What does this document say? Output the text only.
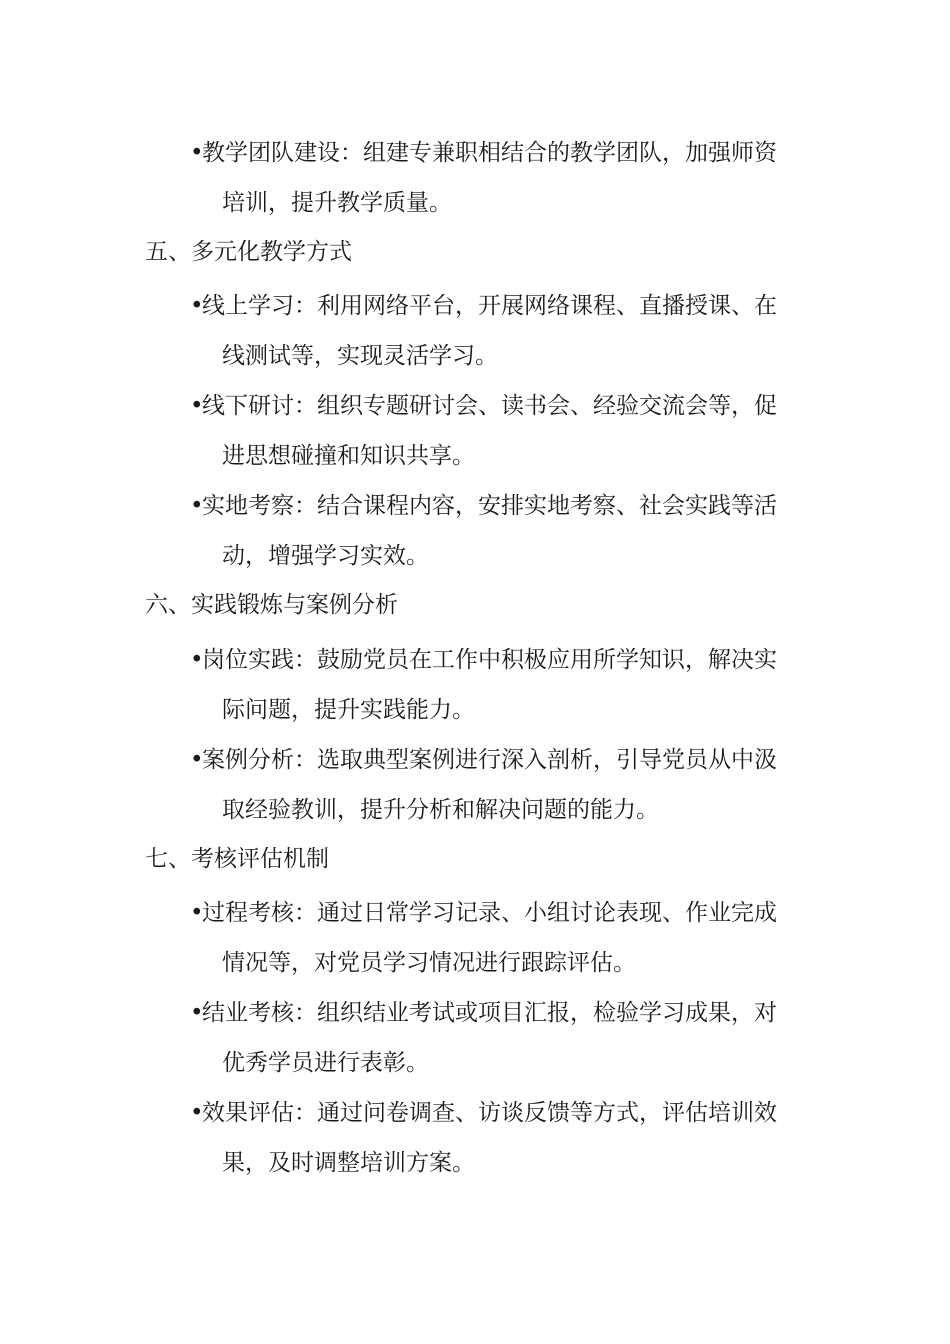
•教学团队建设：组建专兼职相结合的教学团队，加强师资
培训，提升教学质量。
五、多元化教学方式
•线上学习：利用网络平台，开展网络课程、直播授课、在
线测试等，实现灵活学习。
•线下研讨：组织专题研讨会、读书会、经验交流会等，促
进思想碰撞和知识共享。
•实地考察：结合课程内容，安排实地考察、社会实践等活
动，增强学习实效。
六、实践锻炼与案例分析
•岗位实践：鼓励党员在工作中积极应用所学知识，解决实
际问题，提升实践能力。
•案例分析：选取典型案例进行深入剖析，引导党员从中汲
取经验教训，提升分析和解决问题的能力。
七、考核评估机制
•过程考核：通过日常学习记录、小组讨论表现、作业完成
情况等，对党员学习情况进行跟踪评估。
•结业考核：组织结业考试或项目汇报，检验学习成果，对
优秀学员进行表彰。
•效果评估：通过问卷调查、访谈反馈等方式，评估培训效
果，及时调整培训方案。
